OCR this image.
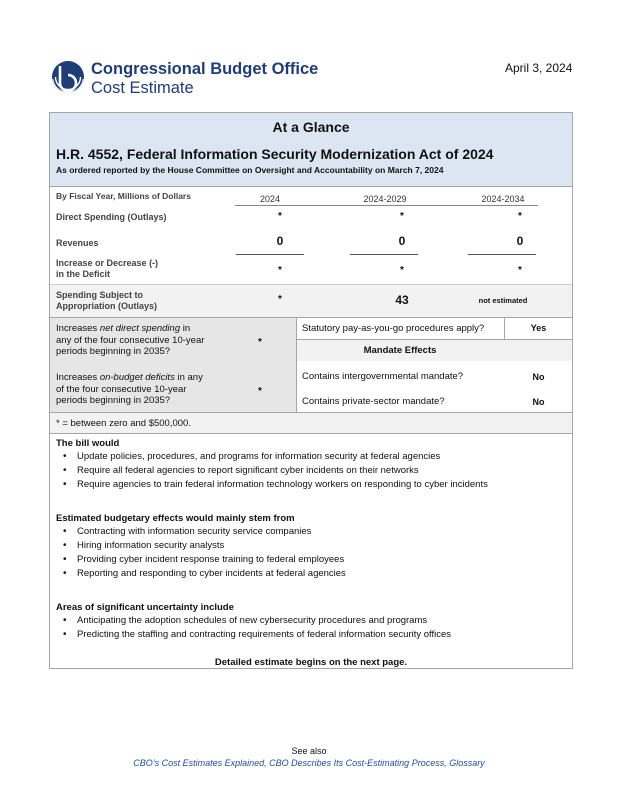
Congressional Budget Office
Cost Estimate
April 3, 2024
At a Glance
H.R. 4552, Federal Information Security Modernization Act of 2024
As ordered reported by the House Committee on Oversight and Accountability on March 7, 2024
By Fiscal Year, Millions of Dollars	2024	2024-2029	2024-2034
Direct Spending (Outlays)	*	*	*
Revenues	0	0	0
Increase or Decrease (-)
in the Deficit	*	*	*
Spending Subject to
Appropriation (Outlays)
*	43	not estimated
Increases net direct spending in
any of the four consecutive 10-year
periods beginning in 2035?
*
Increases on-budget deficits in any
of the four consecutive 10-year
periods beginning in 2035?
*
Statutory pay-as-you-go procedures apply?	Yes
Mandate Effects
Contains intergovernmental mandate?	No
Contains private-sector mandate?	No
* = between zero and $500,000.
The bill would
• Update policies, procedures, and programs for information security at federal agencies
• Require all federal agencies to report significant cyber incidents on their networks
• Require agencies to train federal information technology workers on responding to cyber incidents
Estimated budgetary effects would mainly stem from
• Contracting with information security service companies
• Hiring information security analysts
• Providing cyber incident response training to federal employees
• Reporting and responding to cyber incidents at federal agencies
Areas of significant uncertainty include
• Anticipating the adoption schedules of new cybersecurity procedures and programs
• Predicting the staffing and contracting requirements of federal information security offices
Detailed estimate begins on the next page.
See also
CBO’s Cost Estimates Explained, CBO Describes Its Cost-Estimating Process, Glossary
